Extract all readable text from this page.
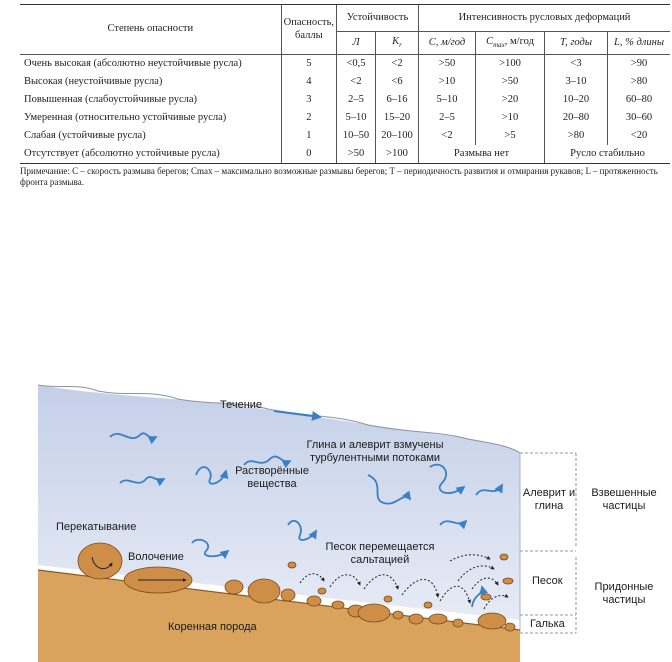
Степень опасности	Опасность, баллы	Устойчивость		Интенсивность русловых деформаций			
		Л	$K_r$	C, м/год	$C_{max}$, м/год	T, годы	L, % длины
Очень высокая (абсолютно неустойчивые русла)	5	<0,5	<2	>50	>100	<3	>90
Высокая (неустойчивые русла)	4	<2	<6	>10	>50	3–10	>80
Повышенная (слабоустойчивые русла)	3	2–5	6–16	5–10	>20	10–20	60–80
Умеренная (относительно устойчивые русла)	2	5–10	15–20	2–5	>10	20–80	30–60
Слабая (устойчивые русла)	1	10–50	20–100	<2	>5	>80	<20
Отсутствует (абсолютно устойчивые русла)	0	>50	>100	Размыва нет		Русло стабильно	
Примечание: C – скорость размыва берегов; Cmax – максимально возможные размывы берегов; T – периодичность развития и отмирания рукавов; L – протяженность фронта размыва.
Течение
Глина и алеврит взмучены турбулентными потоками
Растворённые вещества
Перекатывание
Волочение
Песок перемещается сальтацией
Коренная порода
Алеврит и глина
Песок
Галька
Взвешенные частицы
Придонные частицы
